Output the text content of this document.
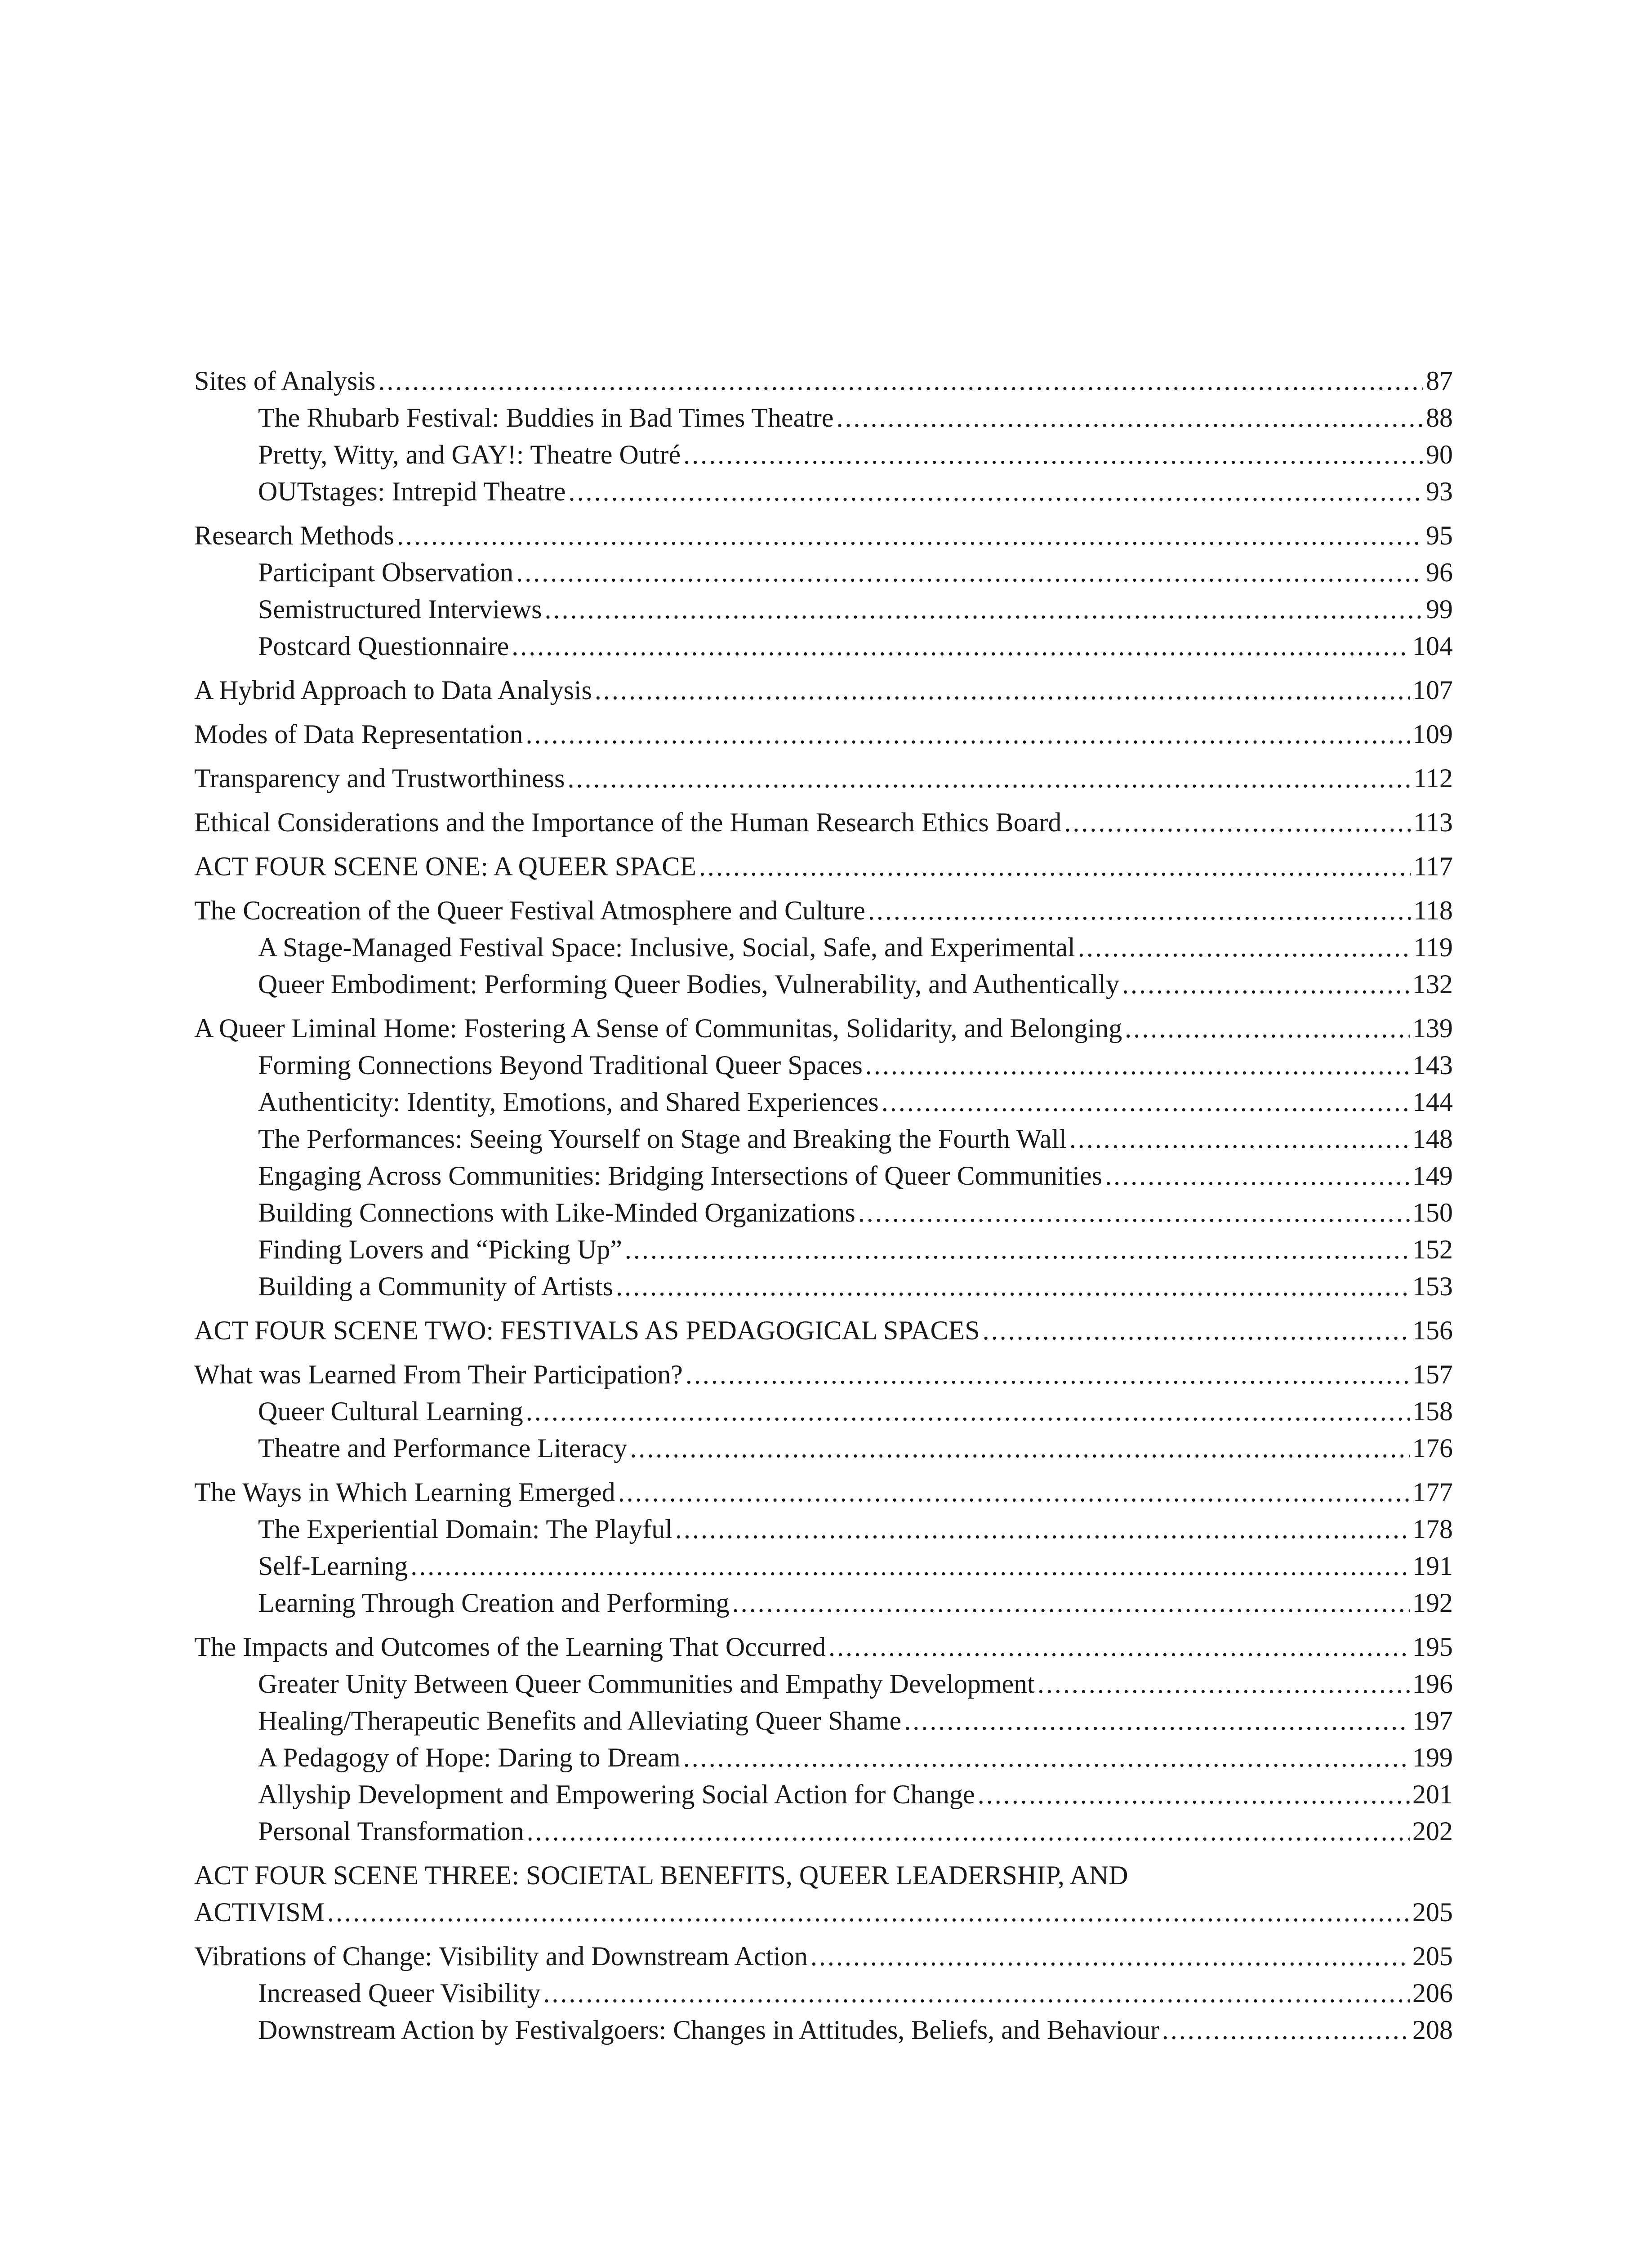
Sites of Analysis .....	87
The Rhubarb Festival: Buddies in Bad Times Theatre .....	88
Pretty, Witty, and GAY!: Theatre Outré .....	90
OUTstages: Intrepid Theatre .....	93
Research Methods .....	95
Participant Observation .....	96
Semistructured Interviews .....	99
Postcard Questionnaire .....	104
A Hybrid Approach to Data Analysis .....	107
Modes of Data Representation .....	109
Transparency and Trustworthiness .....	112
Ethical Considerations and the Importance of the Human Research Ethics Board .....	113
ACT FOUR SCENE ONE: A QUEER SPACE .....	117
The Cocreation of the Queer Festival Atmosphere and Culture .....	118
A Stage-Managed Festival Space: Inclusive, Social, Safe, and Experimental .....	119
Queer Embodiment: Performing Queer Bodies, Vulnerability, and Authentically .....	132
A Queer Liminal Home: Fostering A Sense of Communitas, Solidarity, and Belonging .....	139
Forming Connections Beyond Traditional Queer Spaces .....	143
Authenticity: Identity, Emotions, and Shared Experiences .....	144
The Performances: Seeing Yourself on Stage and Breaking the Fourth Wall .....	148
Engaging Across Communities: Bridging Intersections of Queer Communities .....	149
Building Connections with Like-Minded Organizations .....	150
Finding Lovers and “Picking Up” .....	152
Building a Community of Artists .....	153
ACT FOUR SCENE TWO: FESTIVALS AS PEDAGOGICAL SPACES .....	156
What was Learned From Their Participation? .....	157
Queer Cultural Learning .....	158
Theatre and Performance Literacy .....	176
The Ways in Which Learning Emerged .....	177
The Experiential Domain: The Playful .....	178
Self-Learning .....	191
Learning Through Creation and Performing .....	192
The Impacts and Outcomes of the Learning That Occurred .....	195
Greater Unity Between Queer Communities and Empathy Development .....	196
Healing/Therapeutic Benefits and Alleviating Queer Shame .....	197
A Pedagogy of Hope: Daring to Dream .....	199
Allyship Development and Empowering Social Action for Change .....	201
Personal Transformation .....	202
ACT FOUR SCENE THREE: SOCIETAL BENEFITS, QUEER LEADERSHIP, AND
ACTIVISM .....	205
Vibrations of Change: Visibility and Downstream Action .....	205
Increased Queer Visibility .....	206
Downstream Action by Festivalgoers: Changes in Attitudes, Beliefs, and Behaviour .....	208
